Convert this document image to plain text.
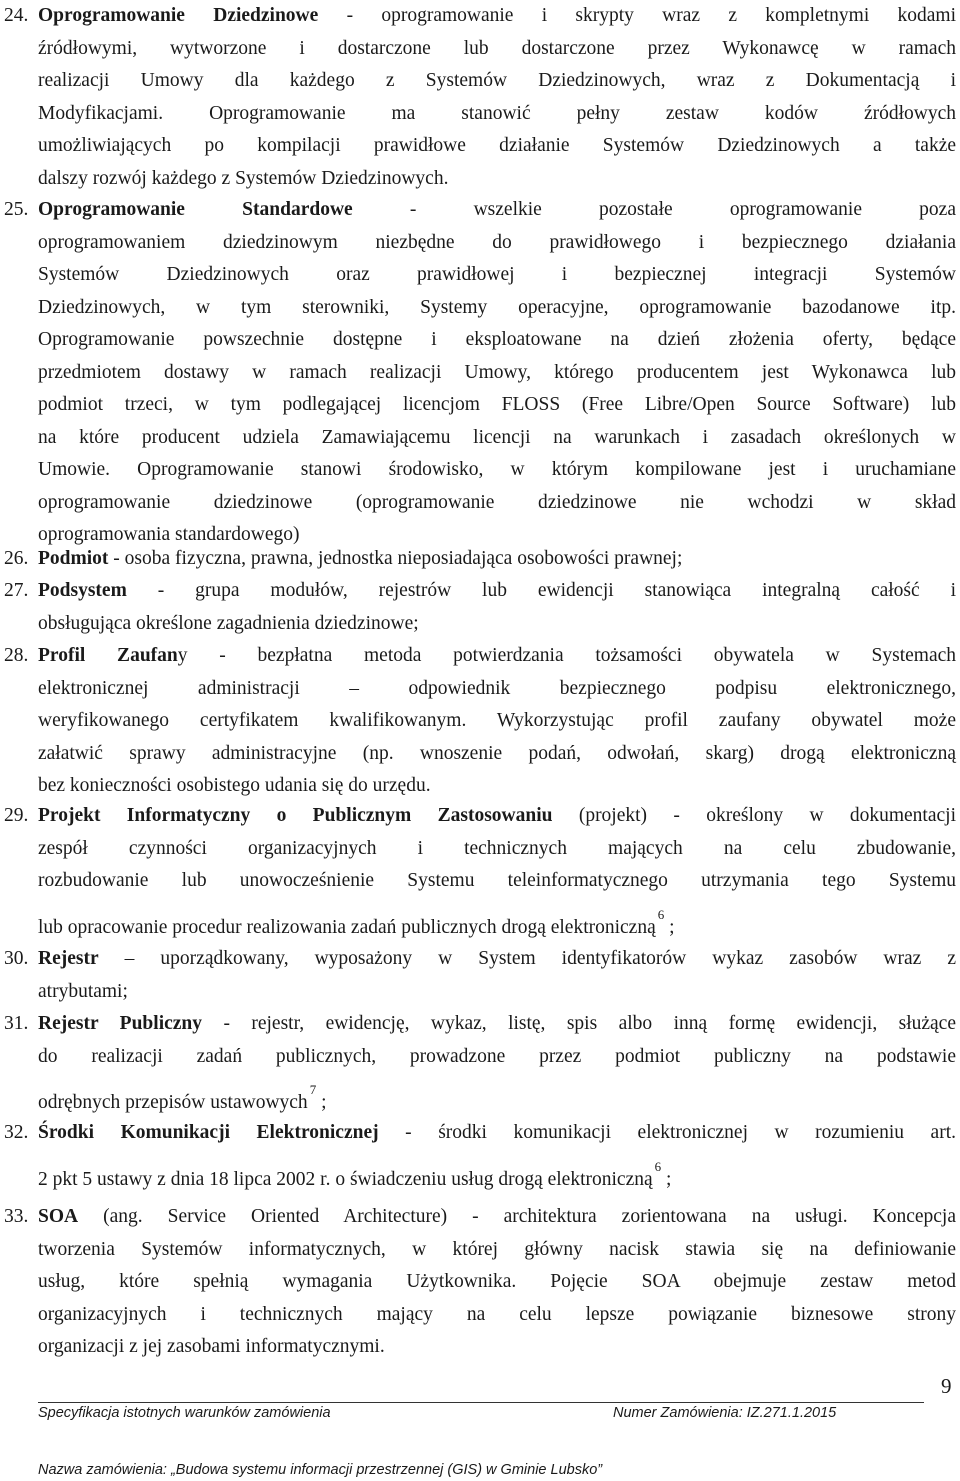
24. Oprogramowanie Dziedzinowe - oprogramowanie i skrypty wraz z kompletnymi kodami
źródłowymi, wytworzone i dostarczone lub dostarczone przez Wykonawcę w ramach
realizacji Umowy dla każdego z Systemów Dziedzinowych, wraz z Dokumentacją i
Modyfikacjami. Oprogramowanie ma stanowić pełny zestaw kodów źródłowych
umożliwiających po kompilacji prawidłowe działanie Systemów Dziedzinowych a także
dalszy rozwój każdego z Systemów Dziedzinowych.
25. Oprogramowanie Standardowe - wszelkie pozostałe oprogramowanie poza
oprogramowaniem dziedzinowym niezbędne do prawidłowego i bezpiecznego działania
Systemów Dziedzinowych oraz prawidłowej i bezpiecznej integracji Systemów
Dziedzinowych, w tym sterowniki, Systemy operacyjne, oprogramowanie bazodanowe itp.
Oprogramowanie powszechnie dostępne i eksploatowane na dzień złożenia oferty, będące
przedmiotem dostawy w ramach realizacji Umowy, którego producentem jest Wykonawca lub
podmiot trzeci, w tym podlegającej licencjom FLOSS (Free Libre/Open Source Software) lub
na które producent udziela Zamawiającemu licencji na warunkach i zasadach określonych w
Umowie. Oprogramowanie stanowi środowisko, w którym kompilowane jest i uruchamiane
oprogramowanie dziedzinowe (oprogramowanie dziedzinowe nie wchodzi w skład
oprogramowania standardowego)
26. Podmiot - osoba fizyczna, prawna, jednostka nieposiadająca osobowości prawnej;
27. Podsystem - grupa modułów, rejestrów lub ewidencji stanowiąca integralną całość i
obsługująca określone zagadnienia dziedzinowe;
28. Profil Zaufany - bezpłatna metoda potwierdzania tożsamości obywatela w Systemach
elektronicznej administracji – odpowiednik bezpiecznego podpisu elektronicznego,
weryfikowanego certyfikatem kwalifikowanym. Wykorzystując profil zaufany obywatel może
załatwić sprawy administracyjne (np. wnoszenie podań, odwołań, skarg) drogą elektroniczną
bez konieczności osobistego udania się do urzędu.
29. Projekt Informatyczny o Publicznym Zastosowaniu (projekt) - określony w dokumentacji
zespół czynności organizacyjnych i technicznych mających na celu zbudowanie,
rozbudowanie lub unowocześnienie Systemu teleinformatycznego utrzymania tego Systemu
lub opracowanie procedur realizowania zadań publicznych drogą elektroniczną$^6$ ;
30. Rejestr – uporządkowany, wyposażony w System identyfikatorów wykaz zasobów wraz z
atrybutami;
31. Rejestr Publiczny - rejestr, ewidencję, wykaz, listę, spis albo inną formę ewidencji, służące
do realizacji zadań publicznych, prowadzone przez podmiot publiczny na podstawie
odrębnych przepisów ustawowych$^7$ ;
32. Środki Komunikacji Elektronicznej - środki komunikacji elektronicznej w rozumieniu art.
2 pkt 5 ustawy z dnia 18 lipca 2002 r. o świadczeniu usług drogą elektroniczną$^6$ ;
33. SOA (ang. Service Oriented Architecture) - architektura zorientowana na usługi. Koncepcja
tworzenia Systemów informatycznych, w której główny nacisk stawia się na definiowanie
usług, które spełnią wymagania Użytkownika. Pojęcie SOA obejmuje zestaw metod
organizacyjnych i technicznych mający na celu lepsze powiązanie biznesowe strony
organizacji z jej zasobami informatycznymi.
9
Specyfikacja istotnych warunków zamówienia	Numer Zamówienia: IZ.271.1.2015
Nazwa zamówienia: „Budowa systemu informacji przestrzennej (GIS) w Gminie Lubsko”
